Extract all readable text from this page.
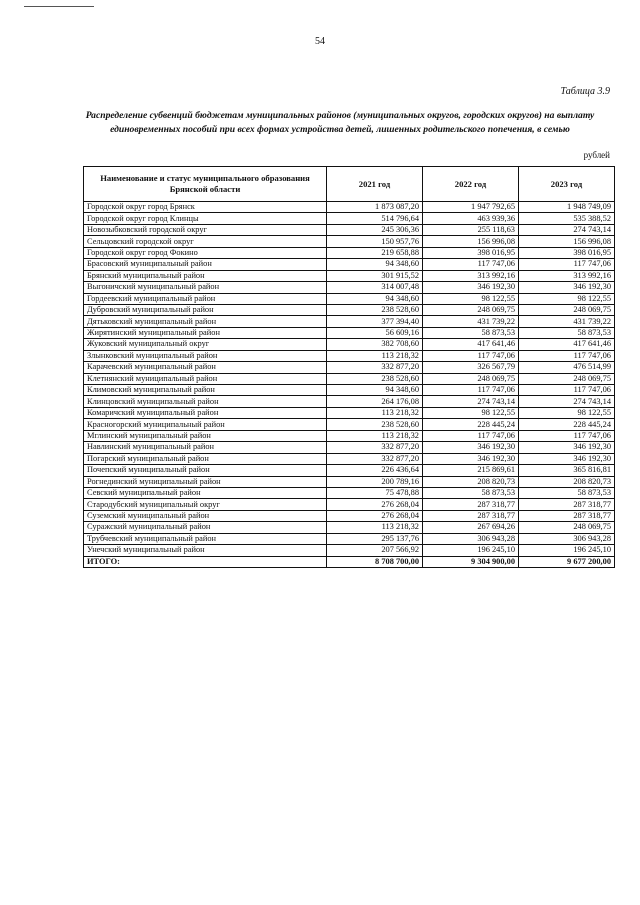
54
Таблица 3.9
Распределение субвенций бюджетам муниципальных районов (муниципальных округов, городских округов) на выплату единовременных пособий при всех формах устройства детей, лишенных родительского попечения, в семью
рублей
Наименование и статус муниципального образования Брянской области	2021 год	2022 год	2023 год
Городской округ город Брянск	1 873 087,20	1 947 792,65	1 948 749,09
Городской округ город Клинцы	514 796,64	463 939,36	535 388,52
Новозыбковский городской округ	245 306,36	255 118,63	274 743,14
Сельцовский городской округ	150 957,76	156 996,08	156 996,08
Городской округ город Фокино	219 658,88	398 016,95	398 016,95
Брасовский муниципальный район	94 348,60	117 747,06	117 747,06
Брянский муниципальный район	301 915,52	313 992,16	313 992,16
Выгоничский муниципальный район	314 007,48	346 192,30	346 192,30
Гордеевский муниципальный район	94 348,60	98 122,55	98 122,55
Дубровский муниципальный район	238 528,60	248 069,75	248 069,75
Дятьковский муниципальный район	377 394,40	431 739,22	431 739,22
Жирятинский муниципальный район	56 609,16	58 873,53	58 873,53
Жуковский муниципальный округ	382 708,60	417 641,46	417 641,46
Злынковский муниципальный район	113 218,32	117 747,06	117 747,06
Карачевский муниципальный район	332 877,20	326 567,79	476 514,99
Клетнянский муниципальный район	238 528,60	248 069,75	248 069,75
Климовский муниципальный район	94 348,60	117 747,06	117 747,06
Клинцовский муниципальный район	264 176,08	274 743,14	274 743,14
Комаричский муниципальный район	113 218,32	98 122,55	98 122,55
Красногорский муниципальный район	238 528,60	228 445,24	228 445,24
Мглинский муниципальный район	113 218,32	117 747,06	117 747,06
Навлинский муниципальный район	332 877,20	346 192,30	346 192,30
Погарский муниципальный район	332 877,20	346 192,30	346 192,30
Почепский муниципальный район	226 436,64	215 869,61	365 816,81
Рогнединский муниципальный район	200 789,16	208 820,73	208 820,73
Севский муниципальный район	75 478,88	58 873,53	58 873,53
Стародубский муниципальный округ	276 268,04	287 318,77	287 318,77
Суземский муниципальный район	276 268,04	287 318,77	287 318,77
Суражский муниципальный район	113 218,32	267 694,26	248 069,75
Трубчевский муниципальный район	295 137,76	306 943,28	306 943,28
Унечский муниципальный район	207 566,92	196 245,10	196 245,10
ИТОГО:	8 708 700,00	9 304 900,00	9 677 200,00
